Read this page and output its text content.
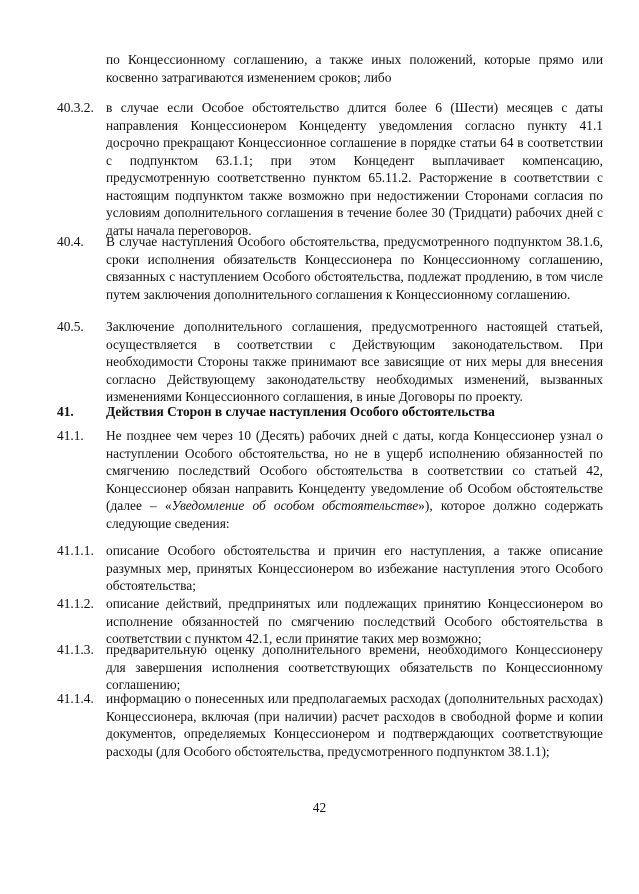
по Концессионному соглашению, а также иных положений, которые прямо или косвенно затрагиваются изменением сроков; либо
40.3.2. в случае если Особое обстоятельство длится более 6 (Шести) месяцев с даты направления Концессионером Концеденту уведомления согласно пункту 41.1 досрочно прекращают Концессионное соглашение в порядке статьи 64 в соответствии с подпунктом 63.1.1; при этом Концедент выплачивает компенсацию, предусмотренную соответственно пунктом 65.11.2. Расторжение в соответствии с настоящим подпунктом также возможно при недостижении Сторонами согласия по условиям дополнительного соглашения в течение более 30 (Тридцати) рабочих дней с даты начала переговоров.
40.4. В случае наступления Особого обстоятельства, предусмотренного подпунктом 38.1.6, сроки исполнения обязательств Концессионера по Концессионному соглашению, связанных с наступлением Особого обстоятельства, подлежат продлению, в том числе путем заключения дополнительного соглашения к Концессионному соглашению.
40.5. Заключение дополнительного соглашения, предусмотренного настоящей статьей, осуществляется в соответствии с Действующим законодательством. При необходимости Стороны также принимают все зависящие от них меры для внесения согласно Действующему законодательству необходимых изменений, вызванных изменениями Концессионного соглашения, в иные Договоры по проекту.
41. Действия Сторон в случае наступления Особого обстоятельства
41.1. Не позднее чем через 10 (Десять) рабочих дней с даты, когда Концессионер узнал о наступлении Особого обстоятельства, но не в ущерб исполнению обязанностей по смягчению последствий Особого обстоятельства в соответствии со статьей 42, Концессионер обязан направить Концеденту уведомление об Особом обстоятельстве (далее – «Уведомление об особом обстоятельстве»), которое должно содержать следующие сведения:
41.1.1. описание Особого обстоятельства и причин его наступления, а также описание разумных мер, принятых Концессионером во избежание наступления этого Особого обстоятельства;
41.1.2. описание действий, предпринятых или подлежащих принятию Концессионером во исполнение обязанностей по смягчению последствий Особого обстоятельства в соответствии с пунктом 42.1, если принятие таких мер возможно;
41.1.3. предварительную оценку дополнительного времени, необходимого Концессионеру для завершения исполнения соответствующих обязательств по Концессионному соглашению;
41.1.4. информацию о понесенных или предполагаемых расходах (дополнительных расходах) Концессионера, включая (при наличии) расчет расходов в свободной форме и копии документов, определяемых Концессионером и подтверждающих соответствующие расходы (для Особого обстоятельства, предусмотренного подпунктом 38.1.1);
42
